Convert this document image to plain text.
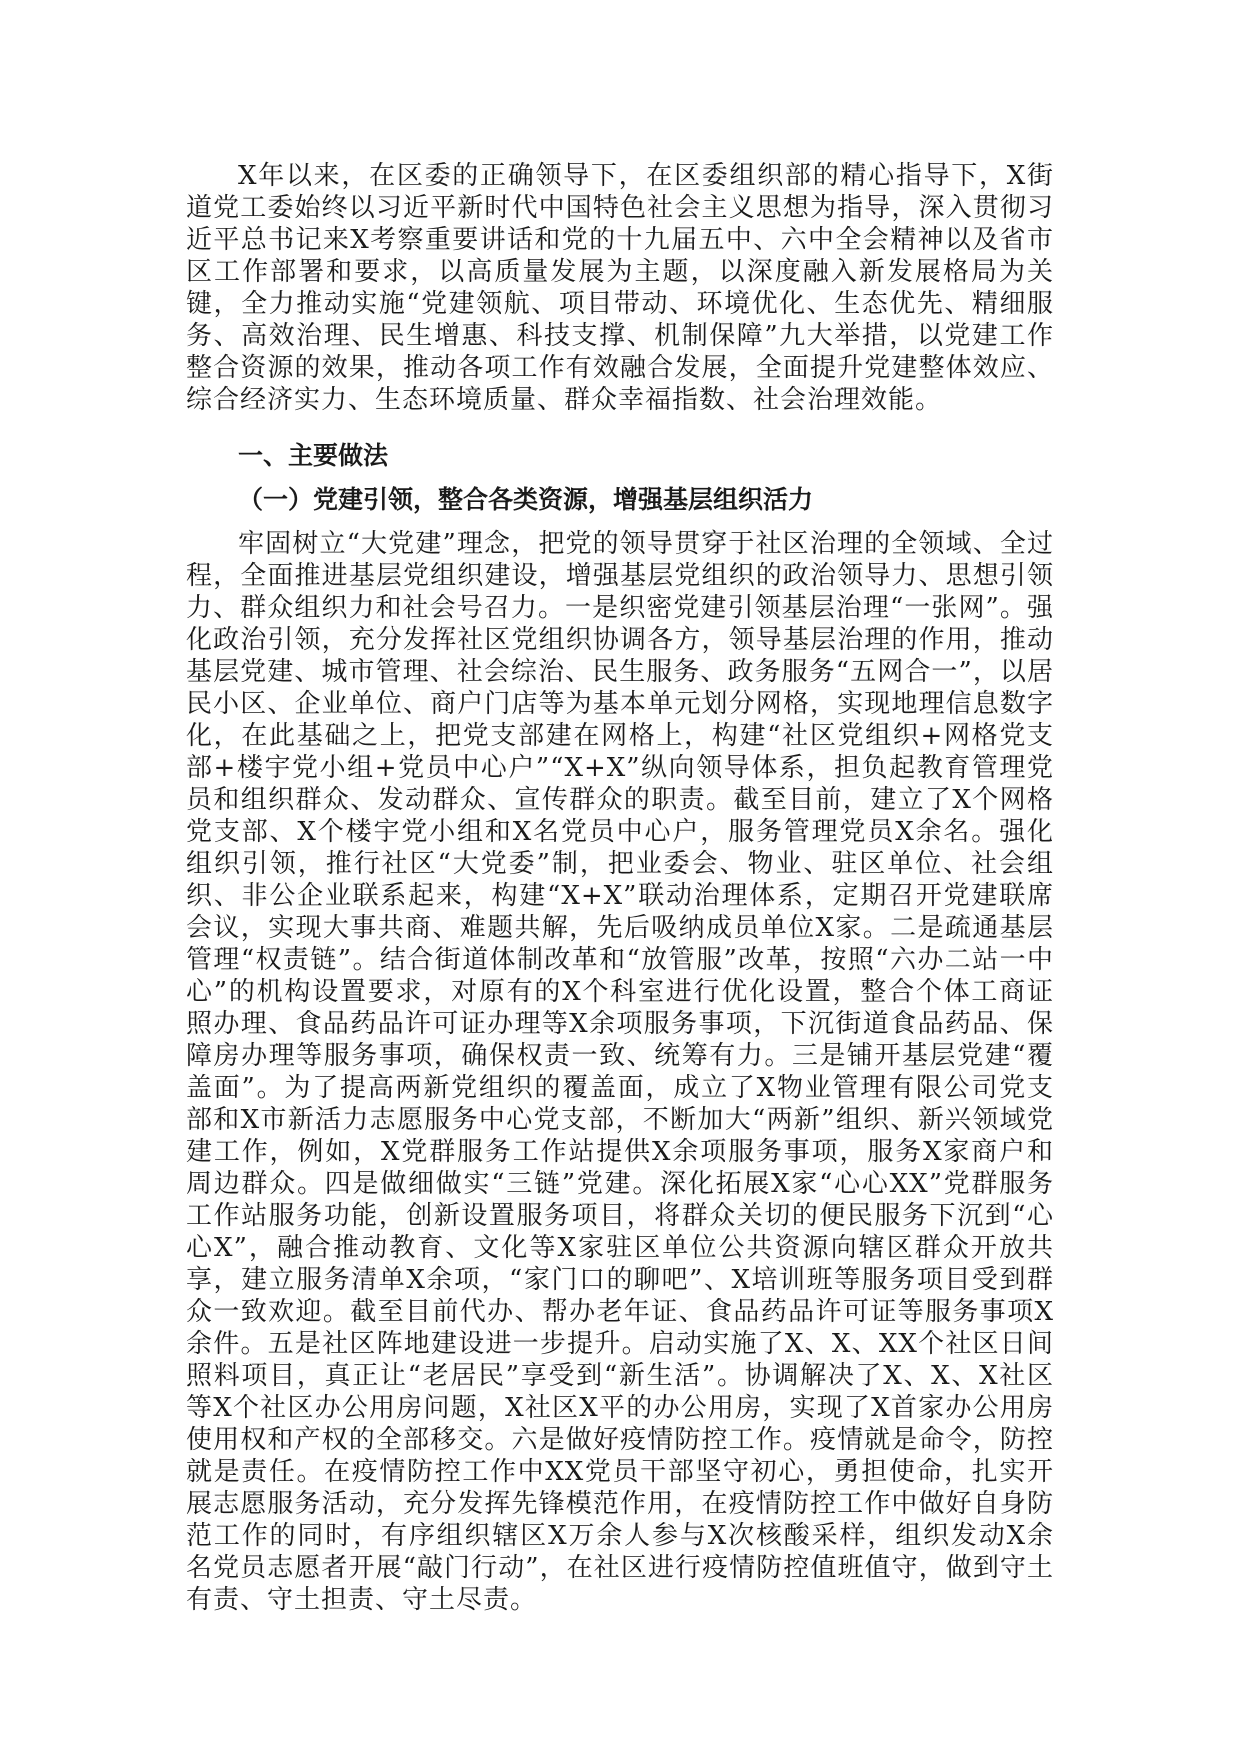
X年以来，在区委的正确领导下，在区委组织部的精心指导下，X街道党工委始终以习近平新时代中国特色社会主义思想为指导，深入贯彻习近平总书记来X考察重要讲话和党的十九届五中、六中全会精神以及省市区工作部署和要求，以高质量发展为主题，以深度融入新发展格局为关键，全力推动实施“党建领航、项目带动、环境优化、生态优先、精细服务、高效治理、民生增惠、科技支撑、机制保障”九大举措，以党建工作整合资源的效果，推动各项工作有效融合发展，全面提升党建整体效应、综合经济实力、生态环境质量、群众幸福指数、社会治理效能。

一、主要做法

（一）党建引领，整合各类资源，增强基层组织活力

牢固树立“大党建”理念，把党的领导贯穿于社区治理的全领域、全过程，全面推进基层党组织建设，增强基层党组织的政治领导力、思想引领力、群众组织力和社会号召力。一是织密党建引领基层治理“一张网”。强化政治引领，充分发挥社区党组织协调各方，领导基层治理的作用，推动基层党建、城市管理、社会综治、民生服务、政务服务“五网合一”，以居民小区、企业单位、商户门店等为基本单元划分网格，实现地理信息数字化，在此基础之上，把党支部建在网格上，构建“社区党组织+网格党支部+楼宇党小组+党员中心户”“X+X”纵向领导体系，担负起教育管理党员和组织群众、发动群众、宣传群众的职责。截至目前，建立了X个网格党支部、X个楼宇党小组和X名党员中心户，服务管理党员X余名。强化组织引领，推行社区“大党委”制，把业委会、物业、驻区单位、社会组织、非公企业联系起来，构建“X+X”联动治理体系，定期召开党建联席会议，实现大事共商、难题共解，先后吸纳成员单位X家。二是疏通基层管理“权责链”。结合街道体制改革和“放管服”改革，按照“六办二站一中心”的机构设置要求，对原有的X个科室进行优化设置，整合个体工商证照办理、食品药品许可证办理等X余项服务事项，下沉街道食品药品、保障房办理等服务事项，确保权责一致、统筹有力。三是铺开基层党建“覆盖面”。为了提高两新党组织的覆盖面，成立了X物业管理有限公司党支部和X市新活力志愿服务中心党支部，不断加大“两新”组织、新兴领域党建工作，例如，X党群服务工作站提供X余项服务事项，服务X家商户和周边群众。四是做细做实“三链”党建。深化拓展X家“心心XX”党群服务工作站服务功能，创新设置服务项目，将群众关切的便民服务下沉到“心心X”，融合推动教育、文化等X家驻区单位公共资源向辖区群众开放共享，建立服务清单X余项，“家门口的聊吧”、X培训班等服务项目受到群众一致欢迎。截至目前代办、帮办老年证、食品药品许可证等服务事项X余件。五是社区阵地建设进一步提升。启动实施了X、X、XX个社区日间照料项目，真正让“老居民”享受到“新生活”。协调解决了X、X、X社区等X个社区办公用房问题，X社区X平的办公用房，实现了X首家办公用房使用权和产权的全部移交。六是做好疫情防控工作。疫情就是命令，防控就是责任。在疫情防控工作中XX党员干部坚守初心，勇担使命，扎实开展志愿服务活动，充分发挥先锋模范作用，在疫情防控工作中做好自身防范工作的同时，有序组织辖区X万余人参与X次核酸采样，组织发动X余名党员志愿者开展“敲门行动”，在社区进行疫情防控值班值守，做到守土有责、守土担责、守土尽责。
